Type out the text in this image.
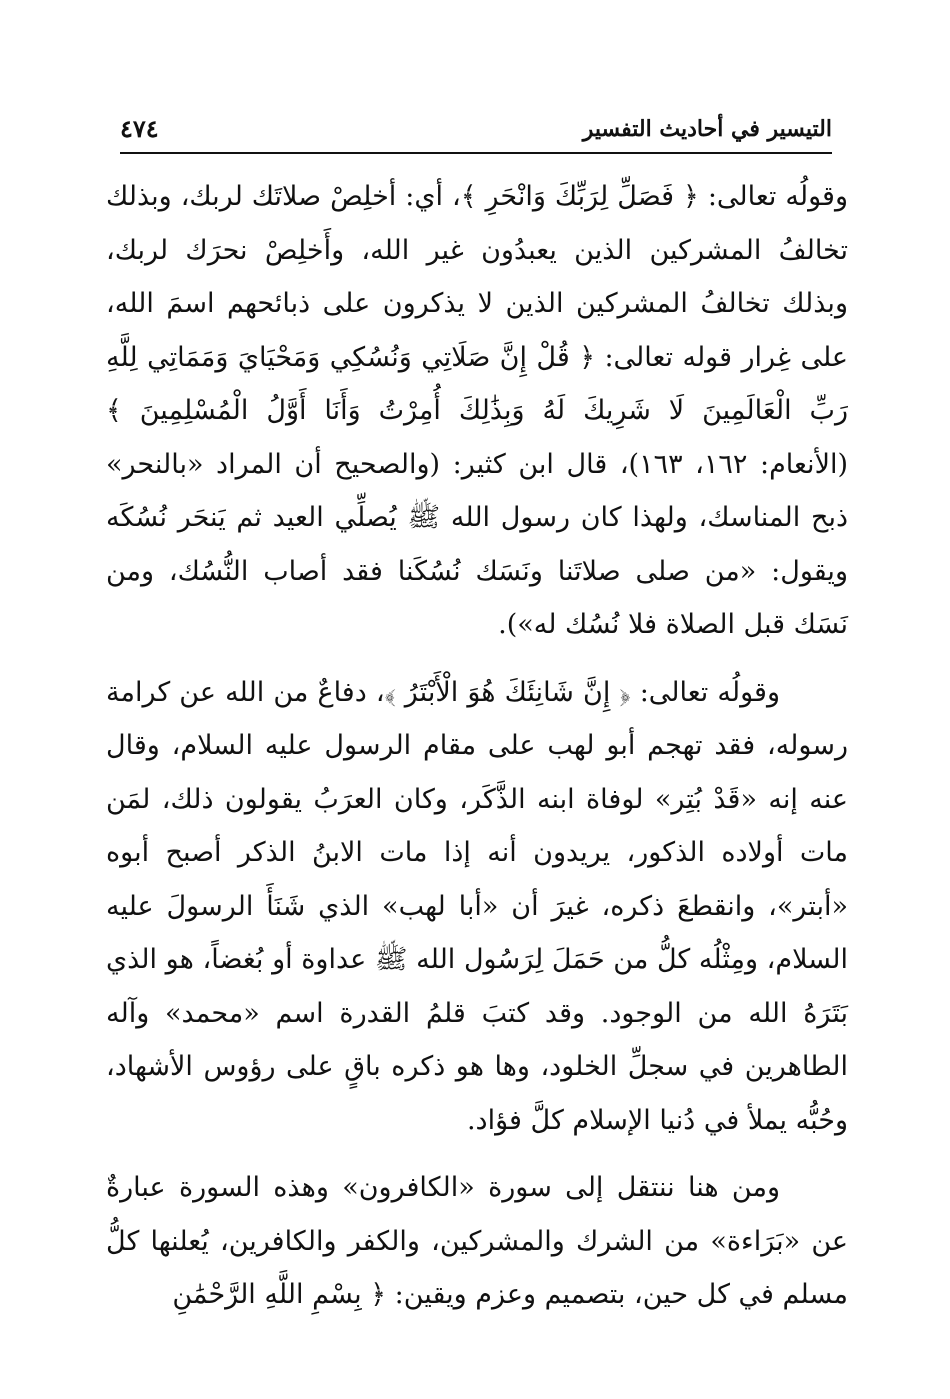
التيسير في أحاديث التفسير
٤٧٤

وقولُه تعالى: ﴿ فَصَلِّ لِرَبِّكَ وَانْحَرِ ﴾، أي: أخلِصْ صلاتَك لربك، وبذلك تخالفُ المشركين الذين يعبدُون غير الله، وأَخلِصْ نحرَك لربك، وبذلك تخالفُ المشركين الذين لا يذكرون على ذبائحهم اسمَ الله، على غِرار قوله تعالى: ﴿ قُلْ إِنَّ صَلَاتِي وَنُسُكِي وَمَحْيَايَ وَمَمَاتِي لِلَّهِ رَبِّ الْعَالَمِينَ لَا شَرِيكَ لَهُ وَبِذَٰلِكَ أُمِرْتُ وَأَنَا أَوَّلُ الْمُسْلِمِينَ ﴾ (الأنعام: ١٦٢، ١٦٣)، قال ابن كثير: (والصحيح أن المراد «بالنحر» ذبح المناسك، ولهذا كان رسول الله ﷺ يُصلِّي العيد ثم يَنحَر نُسُكَه ويقول: «من صلى صلاتَنا ونَسَك نُسُكَنا فقد أصاب النُّسُك، ومن نَسَك قبل الصلاة فلا نُسُك له»).

وقولُه تعالى: ﴿ إِنَّ شَانِئَكَ هُوَ الْأَبْتَرُ ﴾، دفاعٌ من الله عن كرامة رسوله، فقد تهجم أبو لهب على مقام الرسول عليه السلام، وقال عنه إنه «قَدْ بُتِر» لوفاة ابنه الذَّكَر، وكان العرَبُ يقولون ذلك، لمَن مات أولاده الذكور، يريدون أنه إذا مات الابنُ الذكر أصبح أبوه «أبتر»، وانقطعَ ذكره، غيرَ أن «أبا لهب» الذي شَنَأَ الرسولَ عليه السلام، ومِثْلُه كلُّ من حَمَلَ لِرَسُول الله ﷺ عداوة أو بُغضاً، هو الذي بَتَرَهُ الله من الوجود. وقد كتبَ قلمُ القدرة اسم «محمد» وآله الطاهرين في سجلِّ الخلود، وها هو ذكره باقٍ على رؤوس الأشهاد، وحُبُّه يملأ في دُنيا الإسلام كلَّ فؤاد.

ومن هنا ننتقل إلى سورة «الكافرون» وهذه السورة عبارةٌ عن «بَرَاءة» من الشرك والمشركين، والكفر والكافرين، يُعلنها كلُّ مسلم في كل حين، بتصميم وعزم ويقين: ﴿ بِسْمِ اللَّهِ الرَّحْمَٰنِ
